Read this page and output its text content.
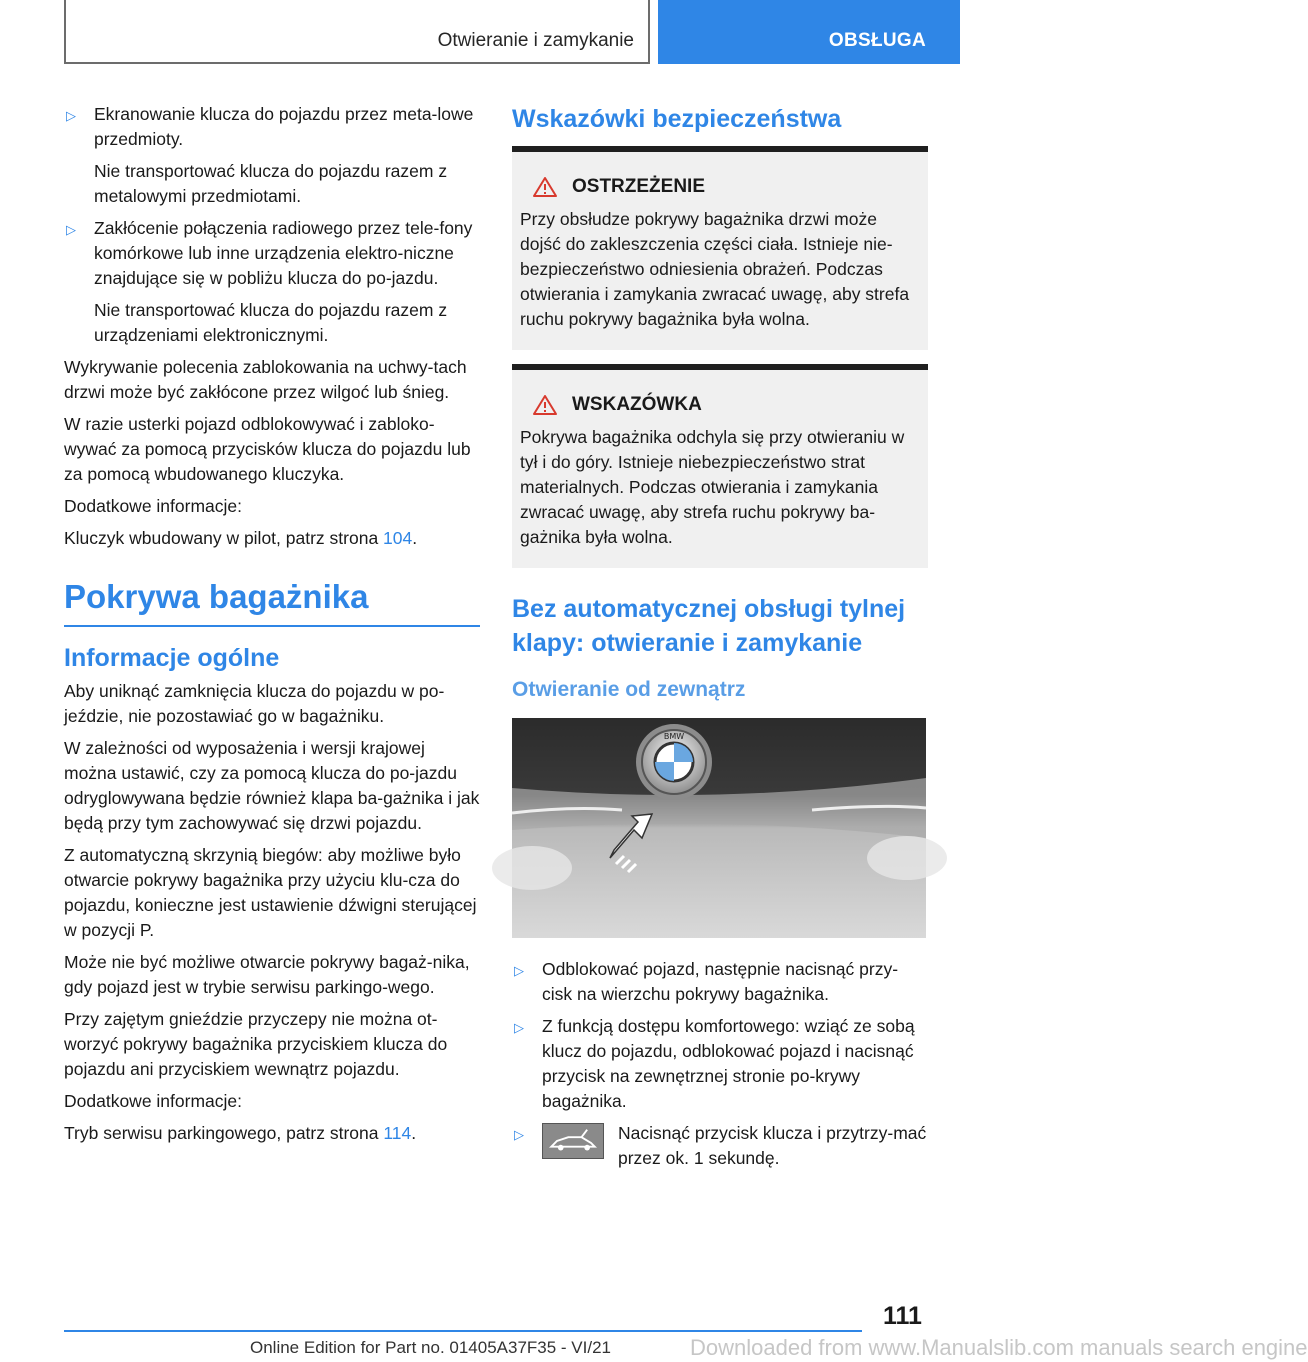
Otwieranie i zamykanie	OBSŁUGA
▷ Ekranowanie klucza do pojazdu przez meta-lowe przedmioty.
Nie transportować klucza do pojazdu razem z metalowymi przedmiotami.
▷ Zakłócenie połączenia radiowego przez tele-fony komórkowe lub inne urządzenia elektro-niczne znajdujące się w pobliżu klucza do po-jazdu.
Nie transportować klucza do pojazdu razem z urządzeniami elektronicznymi.

Wykrywanie polecenia zablokowania na uchwy-tach drzwi może być zakłócone przez wilgoć lub śnieg.

W razie usterki pojazd odblokowywać i zabloko-wywać za pomocą przycisków klucza do pojazdu lub za pomocą wbudowanego kluczyka.

Dodatkowe informacje:

Kluczyk wbudowany w pilot, patrz strona 104.

Pokrywa bagażnika
Informacje ogólne

Aby uniknąć zamknięcia klucza do pojazdu w po-jeździe, nie pozostawiać go w bagażniku.

W zależności od wyposażenia i wersji krajowej można ustawić, czy za pomocą klucza do po-jazdu odryglowywana będzie również klapa ba-gażnika i jak będą przy tym zachowywać się drzwi pojazdu.

Z automatyczną skrzynią biegów: aby możliwe było otwarcie pokrywy bagażnika przy użyciu klu-cza do pojazdu, konieczne jest ustawienie dźwigni sterującej w pozycji P.

Może nie być możliwe otwarcie pokrywy bagaż-nika, gdy pojazd jest w trybie serwisu parkingo-wego.

Przy zajętym gnieździe przyczepy nie można ot-worzyć pokrywy bagażnika przyciskiem klucza do pojazdu ani przyciskiem wewnątrz pojazdu.

Dodatkowe informacje:

Tryb serwisu parkingowego, patrz strona 114.

Wskazówki bezpieczeństwa
OSTRZEŻENIE
Przy obsłudze pokrywy bagażnika drzwi może dojść do zakleszczenia części ciała. Istnieje nie-bezpieczeństwo odniesienia obrażeń. Podczas otwierania i zamykania zwracać uwagę, aby strefa ruchu pokrywy bagażnika była wolna.
WSKAZÓWKA
Pokrywa bagażnika odchyla się przy otwieraniu w tył i do góry. Istnieje niebezpieczeństwo strat materialnych. Podczas otwierania i zamykania zwracać uwagę, aby strefa ruchu pokrywy ba-gażnika była wolna.
Bez automatycznej obsługi tylnej klapy: otwieranie i zamykanie
Otwieranie od zewnątrz
BMW
▷ Odblokować pojazd, następnie nacisnąć przy-cisk na wierzchu pokrywy bagażnika.
▷ Z funkcją dostępu komfortowego: wziąć ze sobą klucz do pojazdu, odblokować pojazd i nacisnąć przycisk na zewnętrznej stronie po-krywy bagażnika.
▷	Nacisnąć przycisk klucza i przytrzy-mać przez ok. 1 sekundę.
111
Downloaded from www.Manualslib.com manuals search engine
Online Edition for Part no. 01405A37F35 - VI/21
